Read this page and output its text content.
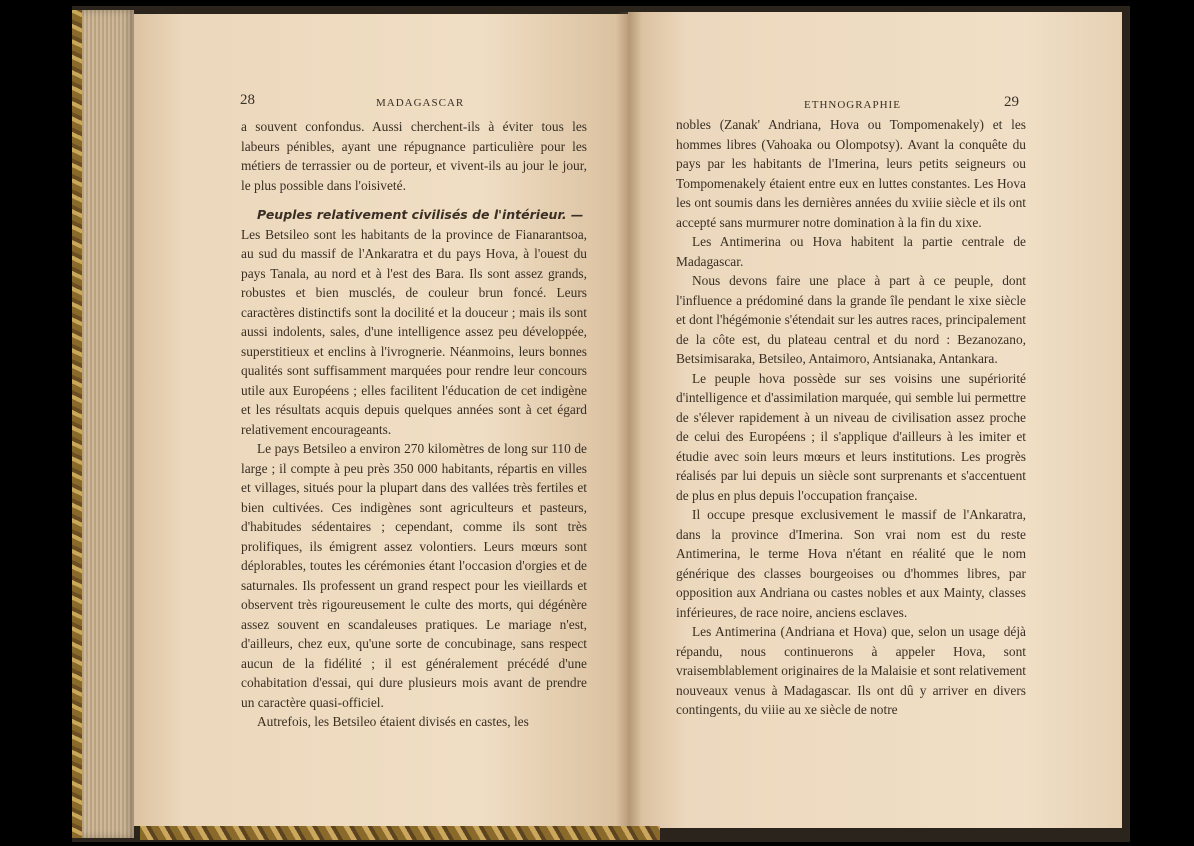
28	MADAGASCAR

a souvent confondus. Aussi cherchent-ils à éviter tous les labeurs pénibles, ayant une répugnance particulière pour les métiers de terrassier ou de porteur, et vivent-ils au jour le jour, le plus possible dans l'oisiveté.

Peuples relativement civilisés de l'intérieur. —

Les Betsileo sont les habitants de la province de Fianarantsoa, au sud du massif de l'Ankaratra et du pays Hova, à l'ouest du pays Tanala, au nord et à l'est des Bara. Ils sont assez grands, robustes et bien musclés, de couleur brun foncé. Leurs caractères distinctifs sont la docilité et la douceur ; mais ils sont aussi indolents, sales, d'une intelligence assez peu développée, superstitieux et enclins à l'ivrognerie. Néanmoins, leurs bonnes qualités sont suffisamment marquées pour rendre leur concours utile aux Européens ; elles facilitent l'éducation de cet indigène et les résultats acquis depuis quelques années sont à cet égard relativement encourageants.

Le pays Betsileo a environ 270 kilomètres de long sur 110 de large ; il compte à peu près 350 000 habitants, répartis en villes et villages, situés pour la plupart dans des vallées très fertiles et bien cultivées. Ces indigènes sont agriculteurs et pasteurs, d'habitudes sédentaires ; cependant, comme ils sont très prolifiques, ils émigrent assez volontiers. Leurs mœurs sont déplorables, toutes les cérémonies étant l'occasion d'orgies et de saturnales. Ils professent un grand respect pour les vieillards et observent très rigoureusement le culte des morts, qui dégénère assez souvent en scandaleuses pratiques. Le mariage n'est, d'ailleurs, chez eux, qu'une sorte de concubinage, sans respect aucun de la fidélité ; il est généralement précédé d'une cohabitation d'essai, qui dure plusieurs mois avant de prendre un caractère quasi-officiel.

Autrefois, les Betsileo étaient divisés en castes, les

ETHNOGRAPHIE	29

nobles (Zanak' Andriana, Hova ou Tompomenakely) et les hommes libres (Vahoaka ou Olompotsy). Avant la conquête du pays par les habitants de l'Imerina, leurs petits seigneurs ou Tompomenakely étaient entre eux en luttes constantes. Les Hova les ont soumis dans les dernières années du xviiie siècle et ils ont accepté sans murmurer notre domination à la fin du xixe.

Les Antimerina ou Hova habitent la partie centrale de Madagascar.

Nous devons faire une place à part à ce peuple, dont l'influence a prédominé dans la grande île pendant le xixe siècle et dont l'hégémonie s'étendait sur les autres races, principalement de la côte est, du plateau central et du nord : Bezanozano, Betsimisaraka, Betsileo, Antaimoro, Antsianaka, Antankara.

Le peuple hova possède sur ses voisins une supériorité d'intelligence et d'assimilation marquée, qui semble lui permettre de s'élever rapidement à un niveau de civilisation assez proche de celui des Européens ; il s'applique d'ailleurs à les imiter et étudie avec soin leurs mœurs et leurs institutions. Les progrès réalisés par lui depuis un siècle sont surprenants et s'accentuent de plus en plus depuis l'occupation française.

Il occupe presque exclusivement le massif de l'Ankaratra, dans la province d'Imerina. Son vrai nom est du reste Antimerina, le terme Hova n'étant en réalité que le nom générique des classes bourgeoises ou d'hommes libres, par opposition aux Andriana ou castes nobles et aux Mainty, classes inférieures, de race noire, anciens esclaves.

Les Antimerina (Andriana et Hova) que, selon un usage déjà répandu, nous continuerons à appeler Hova, sont vraisemblablement originaires de la Malaisie et sont relativement nouveaux venus à Madagascar. Ils ont dû y arriver en divers contingents, du viiie au xe siècle de notre
